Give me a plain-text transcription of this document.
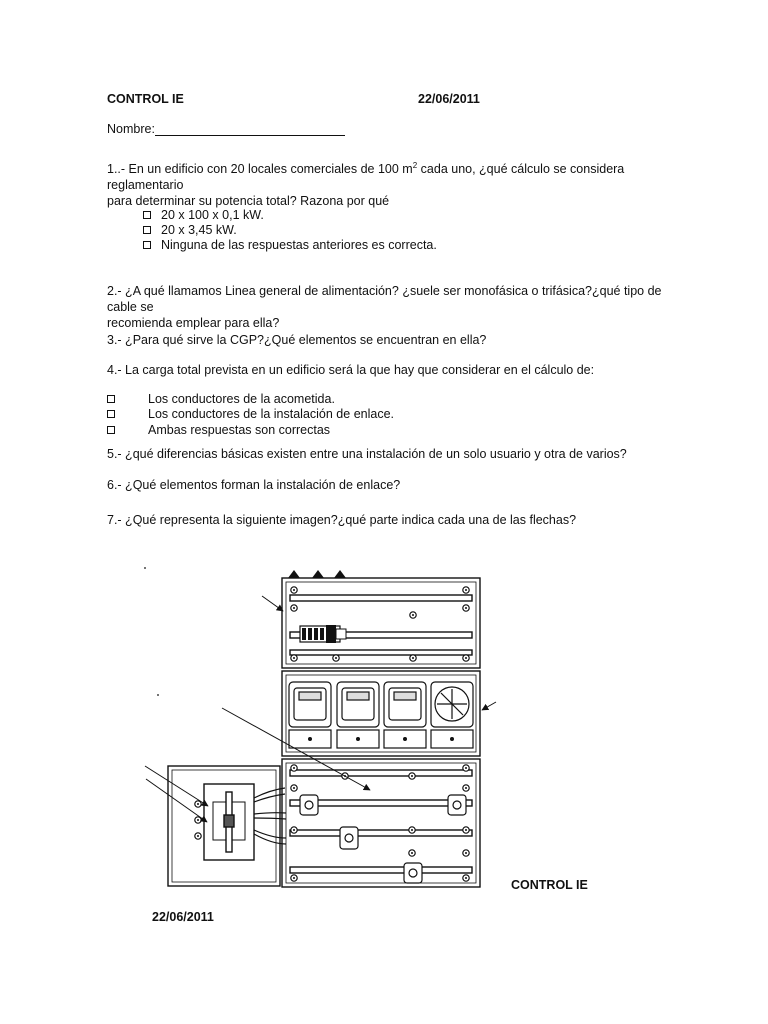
CONTROL IE	22/06/2011
Nombre:
1..- En un edificio con 20 locales comerciales de 100 $m^2$ cada uno, ¿qué cálculo se considera reglamentario
para determinar su potencia total? Razona por qué
20 x 100 x 0,1 kW.
20 x 3,45 kW.
Ninguna de las respuestas anteriores es correcta.
2.- ¿A qué llamamos Linea general de alimentación? ¿suele ser monofásica o trifásica?¿qué tipo de cable se
recomienda emplear para ella?
3.- ¿Para qué sirve la CGP?¿Qué elementos se encuentran en ella?
4.- La carga total prevista en un edificio será la que hay que considerar en el cálculo de:
Los conductores de la acometida.
Los conductores de la instalación de enlace.
Ambas respuestas son correctas
5.- ¿qué diferencias básicas existen entre una instalación de un solo usuario y otra de varios?
6.- ¿Qué elementos forman la instalación de enlace?
7.- ¿Qué representa la siguiente imagen?¿qué parte indica cada una de las flechas?
CONTROL IE
22/06/2011
